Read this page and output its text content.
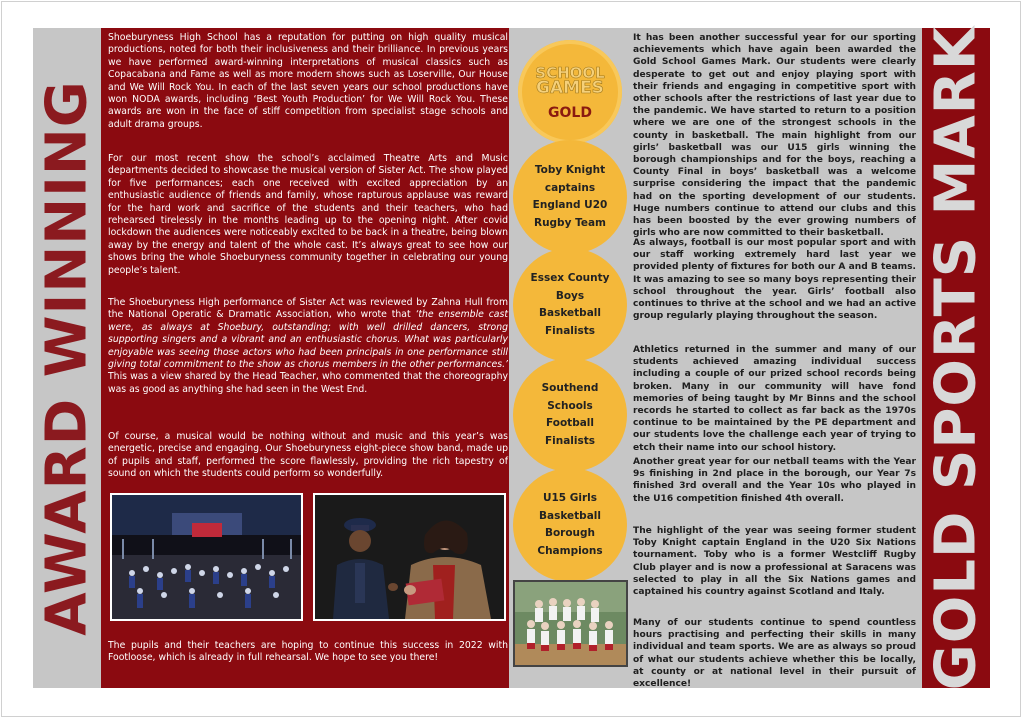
AWARD WINNING	GOLD SPORTS MARK
Shoeburyness High School has a reputation for putting on high quality musical productions, noted for both their inclusiveness and their brilliance. In previous years we have performed award-winning interpretations of musical classics such as Copacabana and Fame as well as more modern shows such as Loserville, Our House and We Will Rock You. In each of the last seven years our school productions have won NODA awards, including ‘Best Youth Production’ for We Will Rock You. These awards are won in the face of stiff competition from specialist stage schools and adult drama groups.
For our most recent show the school’s acclaimed Theatre Arts and Music departments decided to showcase the musical version of Sister Act. The show played for five performances; each one received with excited appreciation by an enthusiastic audience of friends and family, whose rapturous applause was reward for the hard work and sacrifice of the students and their teachers, who had rehearsed tirelessly in the months leading up to the opening night. After covid lockdown the audiences were noticeably excited to be back in a theatre, being blown away by the energy and talent of the whole cast. It’s always great to see how our shows bring the whole Shoeburyness community together in celebrating our young people’s talent.
The Shoeburyness High performance of Sister Act was reviewed by Zahna Hull from the National Operatic & Dramatic Association, who wrote that ‘the ensemble cast were, as always at Shoebury, outstanding; with well drilled dancers, strong supporting singers and a vibrant and an enthusiastic chorus. What was particularly enjoyable was seeing those actors who had been principals in one performance still giving total commitment to the show as chorus members in the other performances.’ This was a view shared by the Head Teacher, who commented that the choreography was as good as anything she had seen in the West End.
Of course, a musical would be nothing without and music and this year’s was energetic, precise and engaging. Our Shoeburyness eight-piece show band, made up of pupils and staff, performed the score flawlessly, providing the rich tapestry of sound on which the students could perform so wonderfully.
The pupils and their teachers are hoping to continue this success in 2022 with Footloose, which is already in full rehearsal. We hope to see you there!
SCHOOL
GAMES
GOLD
Toby Knight captains England U20 Rugby Team
Essex County Boys Basketball Finalists
Southend Schools Football Finalists
U15 Girls Basketball Borough Champions
It has been another successful year for our sporting achievements which have again been awarded the Gold School Games Mark. Our students were clearly desperate to get out and enjoy playing sport with their friends and engaging in competitive sport with other schools after the restrictions of last year due to the pandemic. We have started to return to a position where we are one of the strongest schools in the county in basketball. The main highlight from our girls’ basketball was our U15 girls winning the borough championships and for the boys, reaching a County Final in boys’ basketball was a welcome surprise considering the impact that the pandemic had on the sporting development of our students. Huge numbers continue to attend our clubs and this has been boosted by the ever growing numbers of girls who are now committed to their basketball.
As always, football is our most popular sport and with our staff working extremely hard last year we provided plenty of fixtures for both our A and B teams. It was amazing to see so many boys representing their school throughout the year. Girls’ football also continues to thrive at the school and we had an active group regularly playing throughout the season.
Athletics returned in the summer and many of our students achieved amazing individual success including a couple of our prized school records being broken. Many in our community will have fond memories of being taught by Mr Binns and the school records he started to collect as far back as the 1970s continue to be maintained by the PE department and our students love the challenge each year of trying to etch their name into our school history.
Another great year for our netball teams with the Year 9s finishing in 2nd place in the borough, our Year 7s finished 3rd overall and the Year 10s who played in the U16 competition finished 4th overall.
The highlight of the year was seeing former student Toby Knight captain England in the U20 Six Nations tournament. Toby who is a former Westcliff Rugby Club player and is now a professional at Saracens was selected to play in all the Six Nations games and captained his country against Scotland and Italy.
Many of our students continue to spend countless hours practising and perfecting their skills in many individual and team sports. We are as always so proud of what our students achieve whether this be locally, at county or at national level in their pursuit of excellence!
